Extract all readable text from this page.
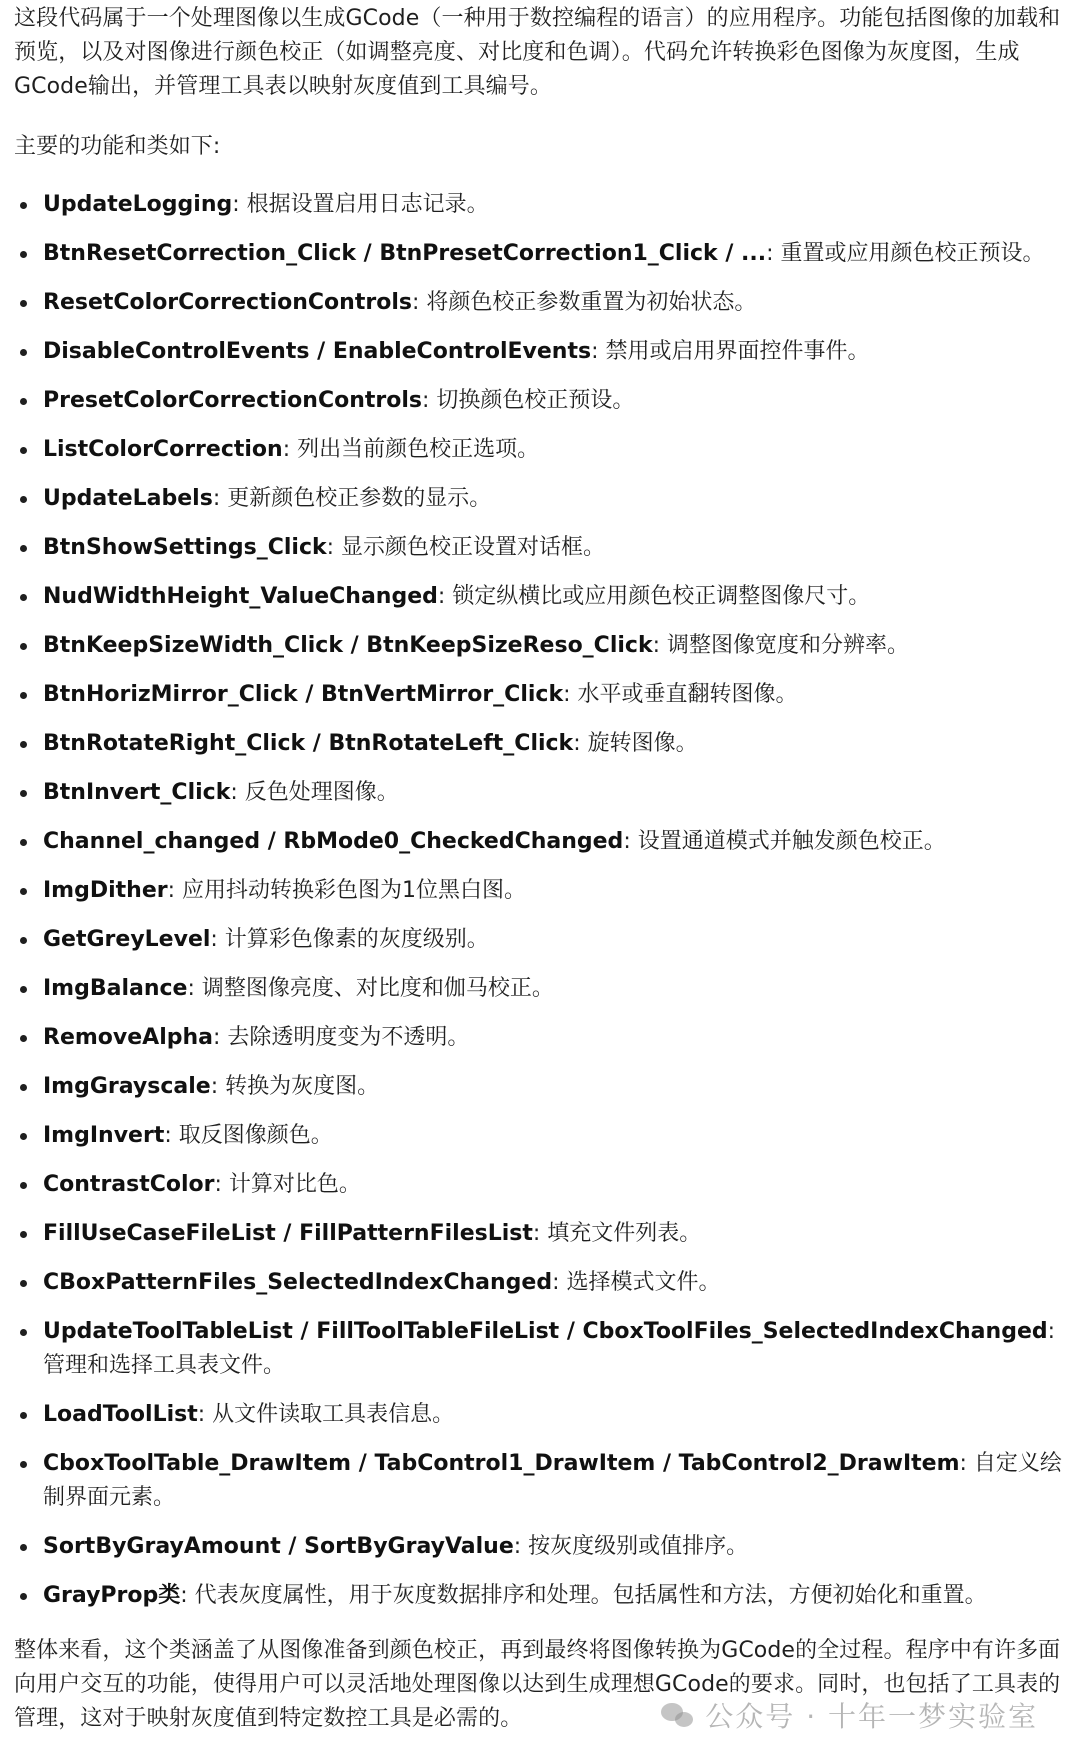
这段代码属于一个处理图像以生成GCode（一种用于数控编程的语言）的应用程序。功能包括图像的加载和预览，以及对图像进行颜色校正（如调整亮度、对比度和色调）。代码允许转换彩色图像为灰度图，生成GCode输出，并管理工具表以映射灰度值到工具编号。

主要的功能和类如下:

UpdateLogging: 根据设置启用日志记录。
BtnResetCorrection_Click / BtnPresetCorrection1_Click / ...: 重置或应用颜色校正预设。
ResetColorCorrectionControls: 将颜色校正参数重置为初始状态。
DisableControlEvents / EnableControlEvents: 禁用或启用界面控件事件。
PresetColorCorrectionControls: 切换颜色校正预设。
ListColorCorrection: 列出当前颜色校正选项。
UpdateLabels: 更新颜色校正参数的显示。
BtnShowSettings_Click: 显示颜色校正设置对话框。
NudWidthHeight_ValueChanged: 锁定纵横比或应用颜色校正调整图像尺寸。
BtnKeepSizeWidth_Click / BtnKeepSizeReso_Click: 调整图像宽度和分辨率。
BtnHorizMirror_Click / BtnVertMirror_Click: 水平或垂直翻转图像。
BtnRotateRight_Click / BtnRotateLeft_Click: 旋转图像。
BtnInvert_Click: 反色处理图像。
Channel_changed / RbMode0_CheckedChanged: 设置通道模式并触发颜色校正。
ImgDither: 应用抖动转换彩色图为1位黑白图。
GetGreyLevel: 计算彩色像素的灰度级别。
ImgBalance: 调整图像亮度、对比度和伽马校正。
RemoveAlpha: 去除透明度变为不透明。
ImgGrayscale: 转换为灰度图。
ImgInvert: 取反图像颜色。
ContrastColor: 计算对比色。
FillUseCaseFileList / FillPatternFilesList: 填充文件列表。
CBoxPatternFiles_SelectedIndexChanged: 选择模式文件。
UpdateToolTableList / FillToolTableFileList / CboxToolFiles_SelectedIndexChanged: 管理和选择工具表文件。
LoadToolList: 从文件读取工具表信息。
CboxToolTable_DrawItem / TabControl1_DrawItem / TabControl2_DrawItem: 自定义绘制界面元素。
SortByGrayAmount / SortByGrayValue: 按灰度级别或值排序。
GrayProp类: 代表灰度属性，用于灰度数据排序和处理。包括属性和方法，方便初始化和重置。

整体来看，这个类涵盖了从图像准备到颜色校正，再到最终将图像转换为GCode的全过程。程序中有许多面向用户交互的功能，使得用户可以灵活地处理图像以达到生成理想GCode的要求。同时，也包括了工具表的管理，这对于映射灰度值到特定数控工具是必需的。	公众号 · 十年一梦实验室
